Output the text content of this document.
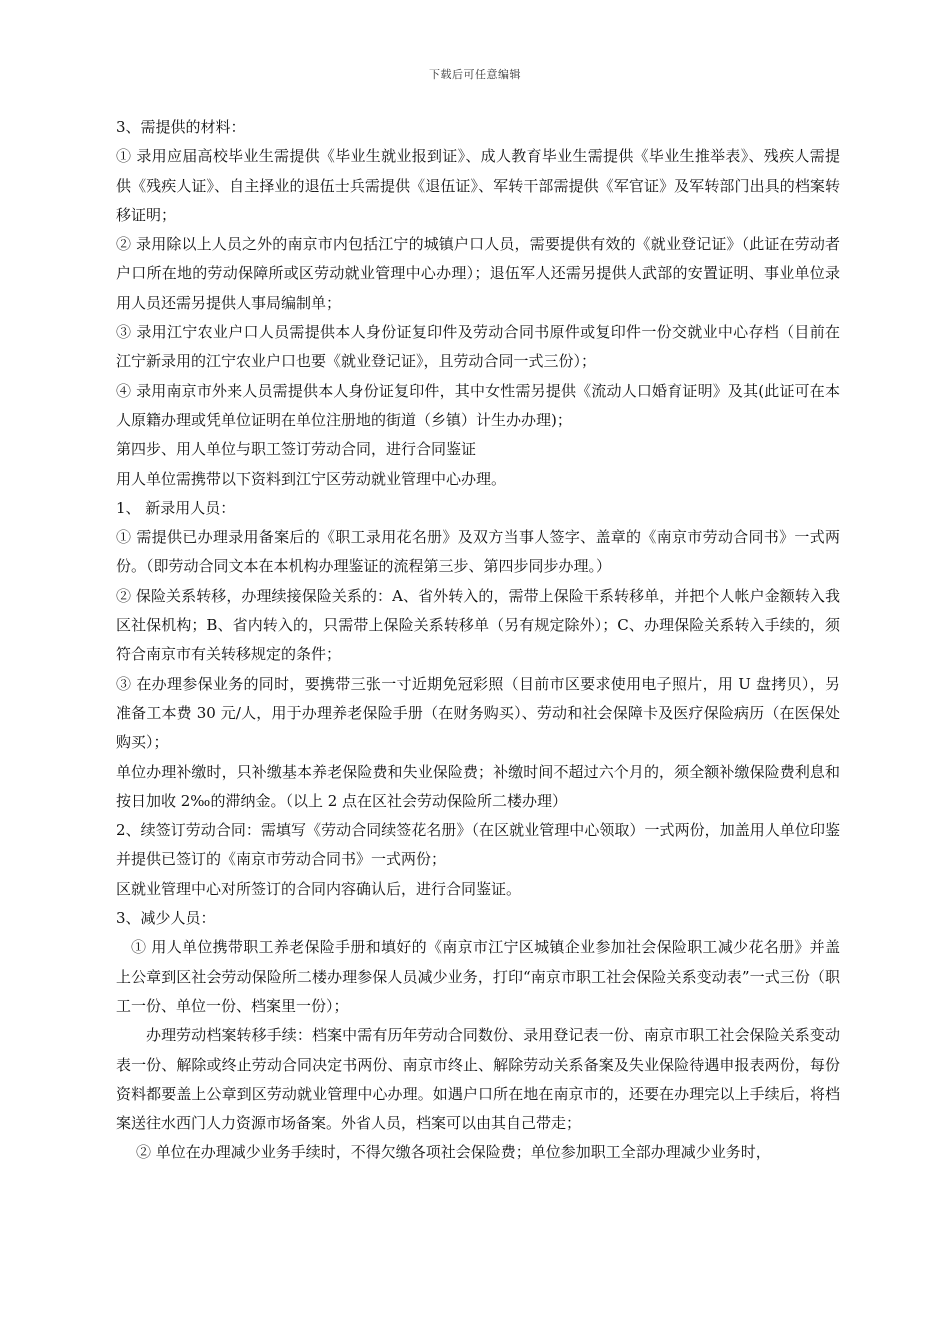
下载后可任意编辑

3、需提供的材料：

① 录用应届高校毕业生需提供《毕业生就业报到证》、成人教育毕业生需提供《毕业生推举表》、残疾人需提供《残疾人证》、自主择业的退伍士兵需提供《退伍证》、军转干部需提供《军官证》及军转部门出具的档案转移证明；

② 录用除以上人员之外的南京市内包括江宁的城镇户口人员，需要提供有效的《就业登记证》（此证在劳动者户口所在地的劳动保障所或区劳动就业管理中心办理）；退伍军人还需另提供人武部的安置证明、事业单位录用人员还需另提供人事局编制单；

③ 录用江宁农业户口人员需提供本人身份证复印件及劳动合同书原件或复印件一份交就业中心存档（目前在江宁新录用的江宁农业户口也要《就业登记证》，且劳动合同一式三份）；

④ 录用南京市外来人员需提供本人身份证复印件，其中女性需另提供《流动人口婚育证明》及其(此证可在本人原籍办理或凭单位证明在单位注册地的街道（乡镇）计生办办理)；

第四步、用人单位与职工签订劳动合同，进行合同鉴证

用人单位需携带以下资料到江宁区劳动就业管理中心办理。

1、 新录用人员：

① 需提供已办理录用备案后的《职工录用花名册》及双方当事人签字、盖章的《南京市劳动合同书》一式两份。（即劳动合同文本在本机构办理鉴证的流程第三步、第四步同步办理。）

② 保险关系转移，办理续接保险关系的：A、省外转入的，需带上保险干系转移单，并把个人帐户金额转入我区社保机构；B、省内转入的，只需带上保险关系转移单（另有规定除外）；C、办理保险关系转入手续的，须符合南京市有关转移规定的条件；

③ 在办理参保业务的同时，要携带三张一寸近期免冠彩照（目前市区要求使用电子照片，用 U 盘拷贝），另准备工本费 30 元/人，用于办理养老保险手册（在财务购买）、劳动和社会保障卡及医疗保险病历（在医保处购买）；

单位办理补缴时，只补缴基本养老保险费和失业保险费；补缴时间不超过六个月的，须全额补缴保险费利息和按日加收 2‰的滞纳金。（以上 2 点在区社会劳动保险所二楼办理）

2、续签订劳动合同：需填写《劳动合同续签花名册》（在区就业管理中心领取）一式两份，加盖用人单位印鉴并提供已签订的《南京市劳动合同书》一式两份；

区就业管理中心对所签订的合同内容确认后，进行合同鉴证。

3、减少人员：

① 用人单位携带职工养老保险手册和填好的《南京市江宁区城镇企业参加社会保险职工减少花名册》并盖上公章到区社会劳动保险所二楼办理参保人员减少业务，打印“南京市职工社会保险关系变动表”一式三份（职工一份、单位一份、档案里一份）；

办理劳动档案转移手续：档案中需有历年劳动合同数份、录用登记表一份、南京市职工社会保险关系变动表一份、解除或终止劳动合同决定书两份、南京市终止、解除劳动关系备案及失业保险待遇申报表两份，每份资料都要盖上公章到区劳动就业管理中心办理。如遇户口所在地在南京市的，还要在办理完以上手续后，将档案送往水西门人力资源市场备案。外省人员，档案可以由其自己带走；

② 单位在办理减少业务手续时，不得欠缴各项社会保险费；单位参加职工全部办理减少业务时，
